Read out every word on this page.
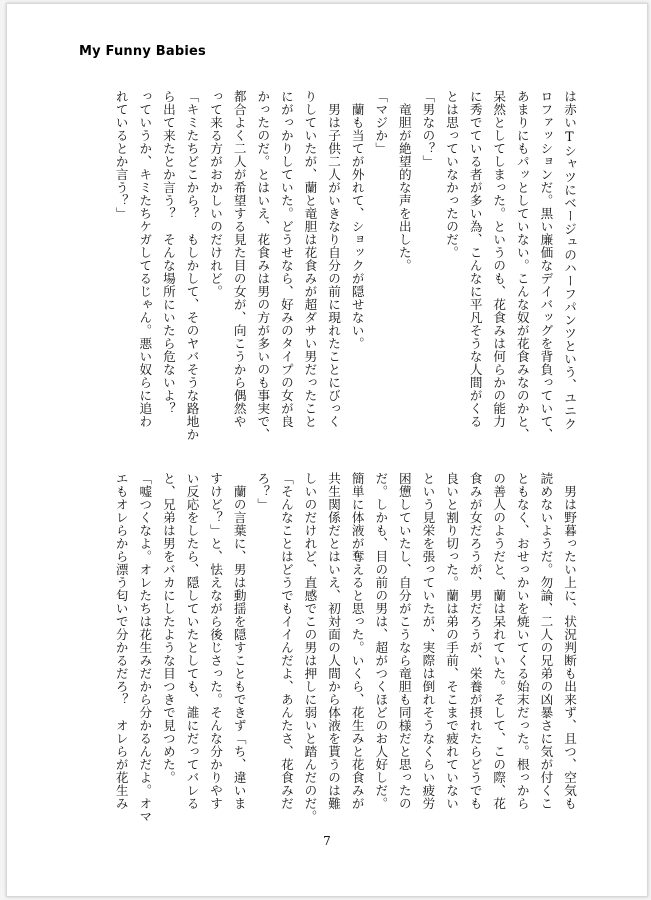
My Funny Babies
は赤いTシャツにベージュのハーフパンツという、ユニク
ロファッションだ。黒い廉価なデイバッグを背負っていて、
あまりにもパッとしていない。こんな奴が花食みなのかと、
呆然としてしまった。というのも、花食みは何らかの能力
に秀でている者が多い為、こんなに平凡そうな人間がくる
とは思っていなかったのだ。
「男なの？」
　竜胆が絶望的な声を出した。
「マジか」
　蘭も当てが外れて、ショックが隠せない。
　男は子供二人がいきなり自分の前に現れたことにびっく
りしていたが、蘭と竜胆は花食みが超ダサい男だったこと
にがっかりしていた。どうせなら、好みのタイプの女が良
かったのだ。とはいえ、花食みは男の方が多いのも事実で、
都合よく二人が希望する見た目の女が、向こうから偶然や
って来る方がおかしいのだけれど。
「キミたちどこから？　もしかして、そのヤバそうな路地か
ら出て来たとか言う？　そんな場所にいたら危ないよ？
っていうか、キミたちケガしてるじゃん。悪い奴らに追わ
れているとか言う？」
　男は野暮ったい上に、状況判断も出来ず、且つ、空気も
読めないようだ。勿論、二人の兄弟の凶暴さに気が付くこ
ともなく、おせっかいを焼いてくる始末だった。根っから
の善人のようだと、蘭は呆れていた。そして、この際、花
食みが女だろうが、男だろうが、栄養が摂れたらどうでも
良いと割り切った。蘭は弟の手前、そこまで疲れていない
という見栄を張っていたが、実際は倒れそうなくらい疲労
困憊していたし、自分がこうなら竜胆も同様だと思ったの
だ。しかも、目の前の男は、超がつくほどのお人好しだ。
簡単に体液が奪えると思った。いくら、花生みと花食みが
共生関係だとはいえ、初対面の人間から体液を貰うのは難
しいのだけれど、直感でこの男は押しに弱いと踏んだのだ。
「そんなことはどうでもイイんだよ、あんたさ、花食みだ
ろ？」
　蘭の言葉に、男は動揺を隠すこともできず「ち、違いま
すけど？」と、怯えながら後じさった。そんな分かりやす
い反応をしたら、隠していたとしても、誰にだってバレる
と、兄弟は男をバカにしたような目つきで見つめた。
「嘘つくなよ。オレたちは花生みだから分かるんだよ。オマ
エもオレらから漂う匂いで分かるだろ？　オレらが花生み
7
